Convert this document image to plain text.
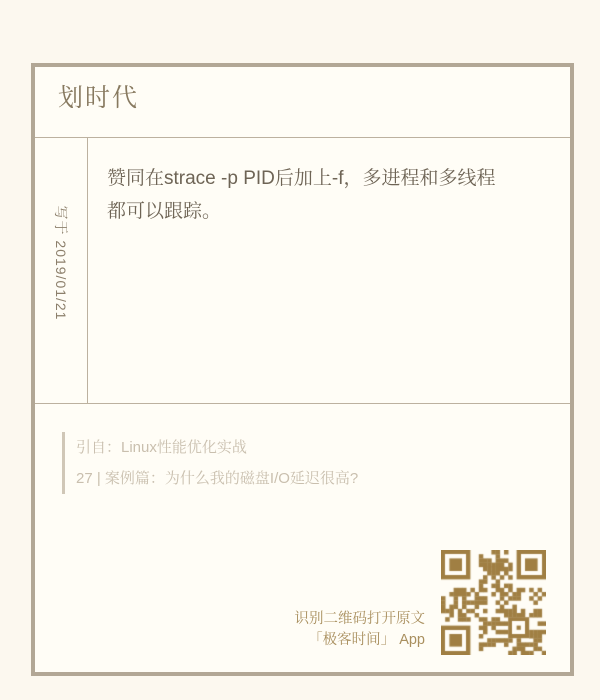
划时代
写于 2019/01/21
赞同在strace -p PID后加上-f，多进程和多线程
都可以跟踪。
引自：Linux性能优化实战
27 | 案例篇：为什么我的磁盘I/O延迟很高?
识别二维码打开原文
「极客时间」 App
